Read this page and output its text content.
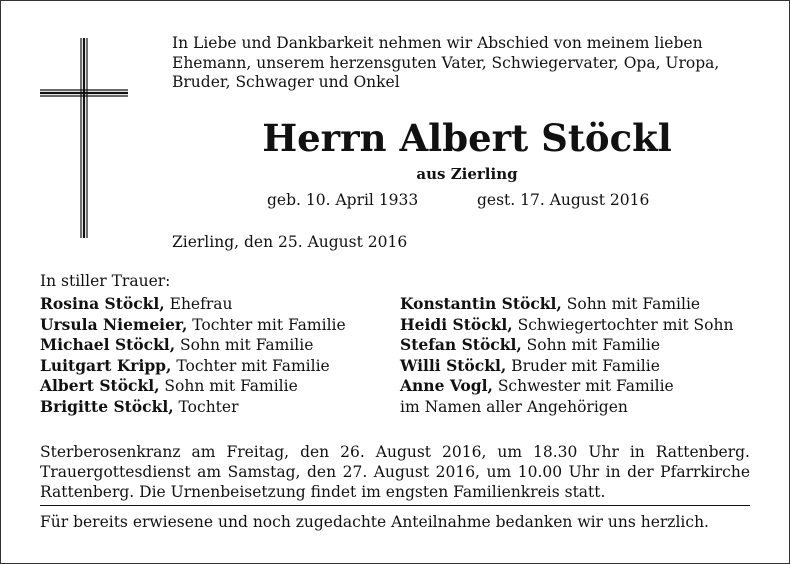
In Liebe und Dankbarkeit nehmen wir Abschied von meinem lieben Ehemann, unserem herzensguten Vater, Schwiegervater, Opa, Uropa, Bruder, Schwager und Onkel
Herrn Albert Stöckl
aus Zierling
geb. 10. April 1933	gest. 17. August 2016
Zierling, den 25. August 2016
In stiller Trauer:
Rosina Stöckl, Ehefrau
Ursula Niemeier, Tochter mit Familie
Michael Stöckl, Sohn mit Familie
Luitgart Kripp, Tochter mit Familie
Albert Stöckl, Sohn mit Familie
Brigitte Stöckl, Tochter
Konstantin Stöckl, Sohn mit Familie
Heidi Stöckl, Schwiegertochter mit Sohn
Stefan Stöckl, Sohn mit Familie
Willi Stöckl, Bruder mit Familie
Anne Vogl, Schwester mit Familie
im Namen aller Angehörigen
Sterberosenkranz am Freitag, den 26. August 2016, um 18.30 Uhr in Rattenberg. Trauergottesdienst am Samstag, den 27. August 2016, um 10.00 Uhr in der Pfarrkirche Rattenberg. Die Urnenbeisetzung findet im engsten Familienkreis statt.
Für bereits erwiesene und noch zugedachte Anteilnahme bedanken wir uns herzlich.
